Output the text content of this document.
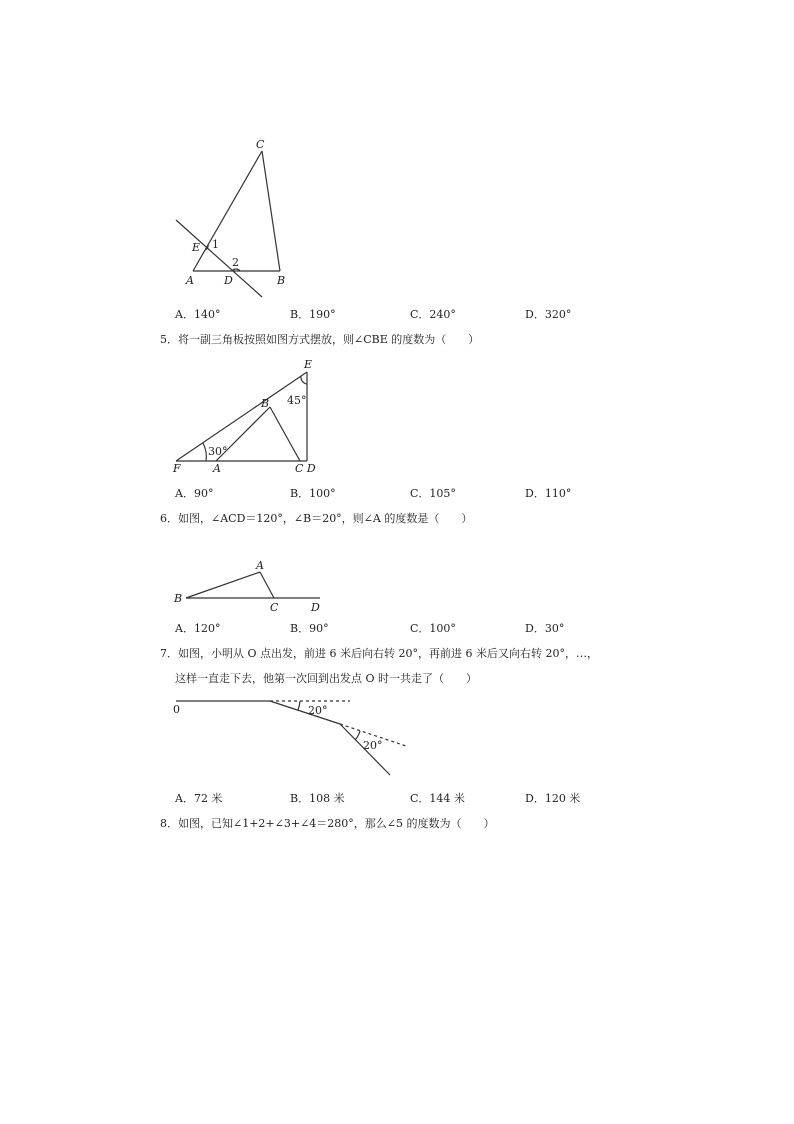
C
E 1
2
A	D	B
A．140°	B．190°	C．240°	D．320°
5．将一副三角板按照如图方式摆放，则∠CBE 的度数为（　　）
E
45°
B
30°
F	A	C D
A．90°	B．100°	C．105°	D．110°
6．如图，∠ACD＝120°，∠B＝20°，则∠A 的度数是（　　）
A
B
C	D
A．120°	B．90°	C．100°	D．30°
7．如图，小明从 O 点出发，前进 6 米后向右转 20°，再前进 6 米后又向右转 20°，…，
这样一直走下去，他第一次回到出发点 O 时一共走了（　　）
0	20°
20°
A．72 米	B．108 米	C．144 米	D．120 米
8．如图，已知∠1+2+∠3+∠4＝280°，那么∠5 的度数为（　　）
